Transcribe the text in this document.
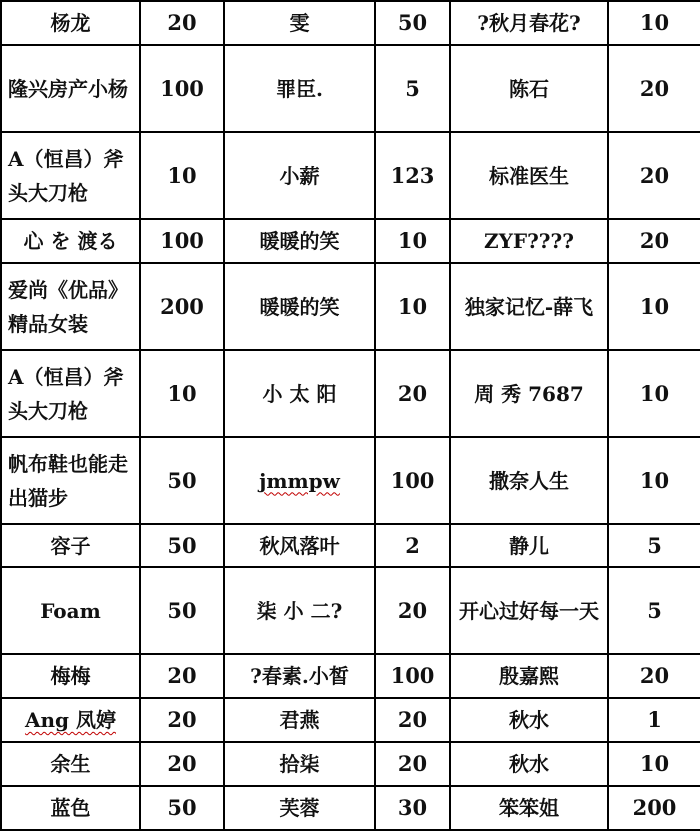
杨龙	20	雯	50	?秋月春花?	10
隆兴房产小杨	100	罪臣.	5	陈石	20
A（恒昌）斧头大刀枪	10	小薪	123	标准医生	20
心 を 渡る	100	暖暖的笑	10	ZYF????	20
爱尚《优品》精品女装	200	暖暖的笑	10	独家记忆-薛飞	10
A（恒昌）斧头大刀枪	10	小 太 阳	20	周 秀 7687	10
帆布鞋也能走出猫步	50	jmmpw	100	撒奈人生	10
容子	50	秋风落叶	2	静儿	5
Foam	50	柒 小 二?	20	开心过好每一天	5
梅梅	20	?春素.小皙	100	殷嘉熙	20
Ang 凤婷	20	君燕	20	秋水	1
余生	20	拾柒	20	秋水	10
蓝色	50	芙蓉	30	笨笨姐	200
